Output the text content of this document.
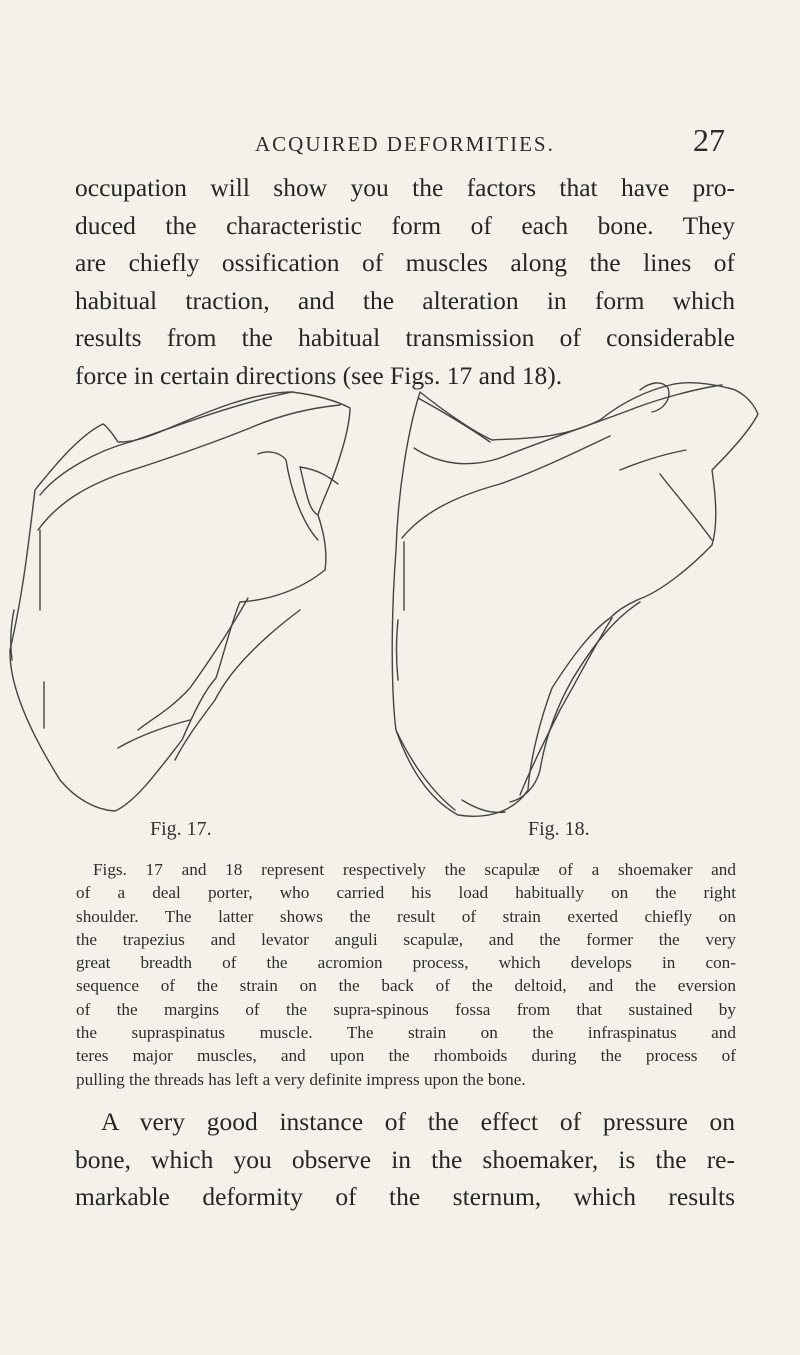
ACQUIRED DEFORMITIES.	27

occupation will show you the factors that have pro-
duced the characteristic form of each bone. They
are chiefly ossification of muscles along the lines of
habitual traction, and the alteration in form which
results from the habitual transmission of considerable
force in certain directions (see Figs. 17 and 18).

Fig. 17.	Fig. 18.

Figs. 17 and 18 represent respectively the scapulæ of a shoemaker and
of a deal porter, who carried his load habitually on the right
shoulder. The latter shows the result of strain exerted chiefly on
the trapezius and levator anguli scapulæ, and the former the very
great breadth of the acromion process, which develops in con-
sequence of the strain on the back of the deltoid, and the eversion
of the margins of the supra-spinous fossa from that sustained by
the supraspinatus muscle. The strain on the infraspinatus and
teres major muscles, and upon the rhomboids during the process of
pulling the threads has left a very definite impress upon the bone.

A very good instance of the effect of pressure on
bone, which you observe in the shoemaker, is the re-
markable deformity of the sternum, which results
